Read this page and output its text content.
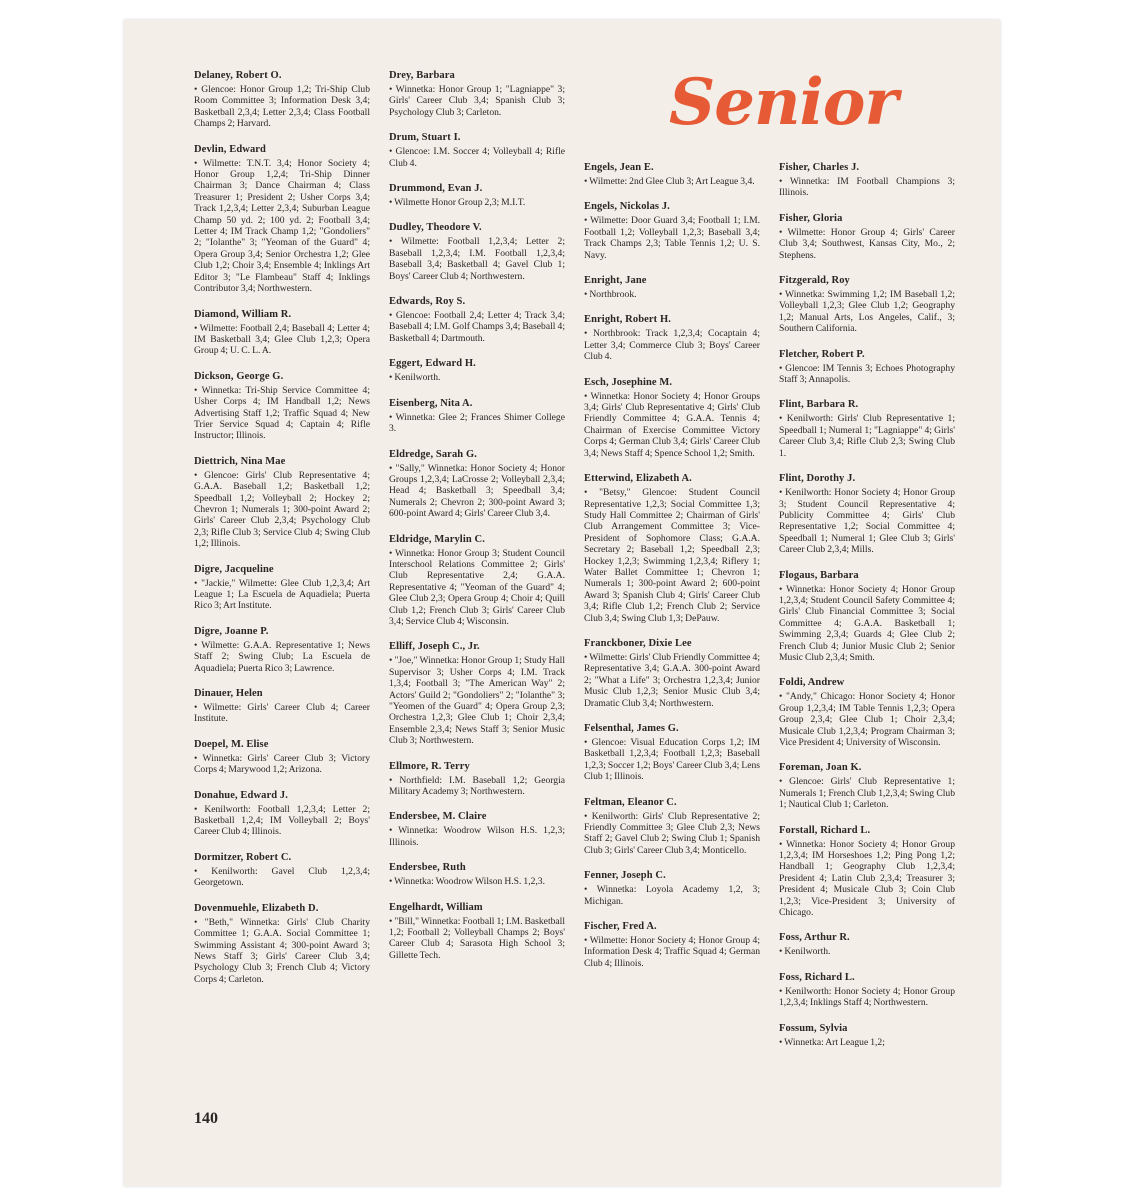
Senior
Delaney, Robert O.
• Glencoe: Honor Group 1,2; Tri-Ship Club Room Committee 3; Information Desk 3,4; Basketball 2,3,4; Letter 2,3,4; Class Football Champs 2; Harvard.
Devlin, Edward
• Wilmette: T.N.T. 3,4; Honor Society 4; Honor Group 1,2,4; Tri-Ship Dinner Chairman 3; Dance Chairman 4; Class Treasurer 1; President 2; Usher Corps 3,4; Track 1,2,3,4; Letter 2,3,4; Suburban League Champ 50 yd. 2; 100 yd. 2; Football 3,4; Letter 4; IM Track Champ 1,2; "Gondoliers" 2; "Iolanthe" 3; "Yeoman of the Guard" 4; Opera Group 3,4; Senior Orchestra 1,2; Glee Club 1,2; Choir 3,4; Ensemble 4; Inklings Art Editor 3; "Le Flambeau" Staff 4; Inklings Contributor 3,4; Northwestern.
Diamond, William R.
• Wilmette: Football 2,4; Baseball 4; Letter 4; IM Basketball 3,4; Glee Club 1,2,3; Opera Group 4; U. C. L. A.
Dickson, George G.
• Winnetka: Tri-Ship Service Committee 4; Usher Corps 4; IM Handball 1,2; News Advertising Staff 1,2; Traffic Squad 4; New Trier Service Squad 4; Captain 4; Rifle Instructor; Illinois.
Diettrich, Nina Mae
• Glencoe: Girls' Club Representative 4; G.A.A. Baseball 1,2; Basketball 1,2; Speedball 1,2; Volleyball 2; Hockey 2; Chevron 1; Numerals 1; 300-point Award 2; Girls' Career Club 2,3,4; Psychology Club 2,3; Rifle Club 3; Service Club 4; Swing Club 1,2; Illinois.
Digre, Jacqueline
• "Jackie," Wilmette: Glee Club 1,2,3,4; Art League 1; La Escuela de Aquadiela; Puerta Rico 3; Art Institute.
Digre, Joanne P.
• Wilmette: G.A.A. Representative 1; News Staff 2; Swing Club; La Escuela de Aquadiela; Puerta Rico 3; Lawrence.
Dinauer, Helen
• Wilmette: Girls' Career Club 4; Career Institute.
Doepel, M. Elise
• Winnetka: Girls' Career Club 3; Victory Corps 4; Marywood 1,2; Arizona.
Donahue, Edward J.
• Kenilworth: Football 1,2,3,4; Letter 2; Basketball 1,2,4; IM Volleyball 2; Boys' Career Club 4; Illinois.
Dormitzer, Robert C.
• Kenilworth: Gavel Club 1,2,3,4; Georgetown.
Dovenmuehle, Elizabeth D.
• "Beth," Winnetka: Girls' Club Charity Committee 1; G.A.A. Social Committee 1; Swimming Assistant 4; 300-point Award 3; News Staff 3; Girls' Career Club 3,4; Psychology Club 3; French Club 4; Victory Corps 4; Carleton.
Drey, Barbara
• Winnetka: Honor Group 1; "Lagniappe" 3; Girls' Career Club 3,4; Spanish Club 3; Psychology Club 3; Carleton.
Drum, Stuart I.
• Glencoe: I.M. Soccer 4; Volleyball 4; Rifle Club 4.
Drummond, Evan J.
• Wilmette Honor Group 2,3; M.I.T.
Dudley, Theodore V.
• Wilmette: Football 1,2,3,4; Letter 2; Baseball 1,2,3,4; I.M. Football 1,2,3,4; Baseball 3,4; Basketball 4; Gavel Club 1; Boys' Career Club 4; Northwestern.
Edwards, Roy S.
• Glencoe: Football 2,4; Letter 4; Track 3,4; Baseball 4; I.M. Golf Champs 3,4; Baseball 4; Basketball 4; Dartmouth.
Eggert, Edward H.
• Kenilworth.
Eisenberg, Nita A.
• Winnetka: Glee 2; Frances Shimer College 3.
Eldredge, Sarah G.
• "Sally," Winnetka: Honor Society 4; Honor Groups 1,2,3,4; LaCrosse 2; Volleyball 2,3,4; Head 4; Basketball 3; Speedball 3,4; Numerals 2; Chevron 2; 300-point Award 3; 600-point Award 4; Girls' Career Club 3,4.
Eldridge, Marylin C.
• Winnetka: Honor Group 3; Student Council Interschool Relations Committee 2; Girls' Club Representative 2,4; G.A.A. Representative 4; "Yeoman of the Guard" 4; Glee Club 2,3; Opera Group 4; Choir 4; Quill Club 1,2; French Club 3; Girls' Career Club 3,4; Service Club 4; Wisconsin.
Elliff, Joseph C., Jr.
• "Joe," Winnetka: Honor Group 1; Study Hall Supervisor 3; Usher Corps 4; I.M. Track 1,3,4; Football 3; "The American Way" 2; Actors' Guild 2; "Gondoliers" 2; "Iolanthe" 3; "Yeomen of the Guard" 4; Opera Group 2,3; Orchestra 1,2,3; Glee Club 1; Choir 2,3,4; Ensemble 2,3,4; News Staff 3; Senior Music Club 3; Northwestern.
Ellmore, R. Terry
• Northfield: I.M. Baseball 1,2; Georgia Military Academy 3; Northwestern.
Endersbee, M. Claire
• Winnetka: Woodrow Wilson H.S. 1,2,3; Illinois.
Endersbee, Ruth
• Winnetka: Woodrow Wilson H.S. 1,2,3.
Engelhardt, William
• "Bill," Winnetka: Football 1; I.M. Basketball 1,2; Football 2; Volleyball Champs 2; Boys' Career Club 4; Sarasota High School 3; Gillette Tech.
Engels, Jean E.
• Wilmette: 2nd Glee Club 3; Art League 3,4.
Engels, Nickolas J.
• Wilmette: Door Guard 3,4; Football 1; I.M. Football 1,2; Volleyball 1,2,3; Baseball 3,4; Track Champs 2,3; Table Tennis 1,2; U. S. Navy.
Enright, Jane
• Northbrook.
Enright, Robert H.
• Northbrook: Track 1,2,3,4; Cocaptain 4; Letter 3,4; Commerce Club 3; Boys' Career Club 4.
Esch, Josephine M.
• Winnetka: Honor Society 4; Honor Groups 3,4; Girls' Club Representative 4; Girls' Club Friendly Committee 4; G.A.A. Tennis 4; Chairman of Exercise Committee Victory Corps 4; German Club 3,4; Girls' Career Club 3,4; News Staff 4; Spence School 1,2; Smith.
Etterwind, Elizabeth A.
• "Betsy," Glencoe: Student Council Representative 1,2,3; Social Committee 1,3; Study Hall Committee 2; Chairman of Girls' Club Arrangement Committee 3; Vice-President of Sophomore Class; G.A.A. Secretary 2; Baseball 1,2; Speedball 2,3; Hockey 1,2,3; Swimming 1,2,3,4; Riflery 1; Water Ballet Committee 1; Chevron 1; Numerals 1; 300-point Award 2; 600-point Award 3; Spanish Club 4; Girls' Career Club 3,4; Rifle Club 1,2; French Club 2; Service Club 3,4; Swing Club 1,3; DePauw.
Franckboner, Dixie Lee
• Wilmette: Girls' Club Friendly Committee 4; Representative 3,4; G.A.A. 300-point Award 2; "What a Life" 3; Orchestra 1,2,3,4; Junior Music Club 1,2,3; Senior Music Club 3,4; Dramatic Club 3,4; Northwestern.
Felsenthal, James G.
• Glencoe: Visual Education Corps 1,2; IM Basketball 1,2,3,4; Football 1,2,3; Baseball 1,2,3; Soccer 1,2; Boys' Career Club 3,4; Lens Club 1; Illinois.
Feltman, Eleanor C.
• Kenilworth: Girls' Club Representative 2; Friendly Committee 3; Glee Club 2,3; News Staff 2; Gavel Club 2; Swing Club 1; Spanish Club 3; Girls' Career Club 3,4; Monticello.
Fenner, Joseph C.
• Winnetka: Loyola Academy 1,2, 3; Michigan.
Fischer, Fred A.
• Wilmette: Honor Society 4; Honor Group 4; Information Desk 4; Traffic Squad 4; German Club 4; Illinois.
Fisher, Charles J.
• Winnetka: IM Football Champions 3; Illinois.
Fisher, Gloria
• Wilmette: Honor Group 4; Girls' Career Club 3,4; Southwest, Kansas City, Mo., 2; Stephens.
Fitzgerald, Roy
• Winnetka: Swimming 1,2; IM Baseball 1,2; Volleyball 1,2,3; Glee Club 1,2; Geography 1,2; Manual Arts, Los Angeles, Calif., 3; Southern California.
Fletcher, Robert P.
• Glencoe: IM Tennis 3; Echoes Photography Staff 3; Annapolis.
Flint, Barbara R.
• Kenilworth: Girls' Club Representative 1; Speedball 1; Numeral 1; "Lagniappe" 4; Girls' Career Club 3,4; Rifle Club 2,3; Swing Club 1.
Flint, Dorothy J.
• Kenilworth: Honor Society 4; Honor Group 3; Student Council Representative 4; Publicity Committee 4; Girls' Club Representative 1,2; Social Committee 4; Speedball 1; Numeral 1; Glee Club 3; Girls' Career Club 2,3,4; Mills.
Flogaus, Barbara
• Winnetka: Honor Society 4; Honor Group 1,2,3,4; Student Council Safety Committee 4; Girls' Club Financial Committee 3; Social Committee 4; G.A.A. Basketball 1; Swimming 2,3,4; Guards 4; Glee Club 2; French Club 4; Junior Music Club 2; Senior Music Club 2,3,4; Smith.
Foldi, Andrew
• "Andy," Chicago: Honor Society 4; Honor Group 1,2,3,4; IM Table Tennis 1,2,3; Opera Group 2,3,4; Glee Club 1; Choir 2,3,4; Musicale Club 1,2,3,4; Program Chairman 3; Vice President 4; University of Wisconsin.
Foreman, Joan K.
• Glencoe: Girls' Club Representative 1; Numerals 1; French Club 1,2,3,4; Swing Club 1; Nautical Club 1; Carleton.
Forstall, Richard L.
• Winnetka: Honor Society 4; Honor Group 1,2,3,4; IM Horseshoes 1,2; Ping Pong 1,2; Handball 1; Geography Club 1,2,3,4; President 4; Latin Club 2,3,4; Treasurer 3; President 4; Musicale Club 3; Coin Club 1,2,3; Vice-President 3; University of Chicago.
Foss, Arthur R.
• Kenilworth.
Foss, Richard L.
• Kenilworth: Honor Society 4; Honor Group 1,2,3,4; Inklings Staff 4; Northwestern.
Fossum, Sylvia
• Winnetka: Art League 1,2;
140
